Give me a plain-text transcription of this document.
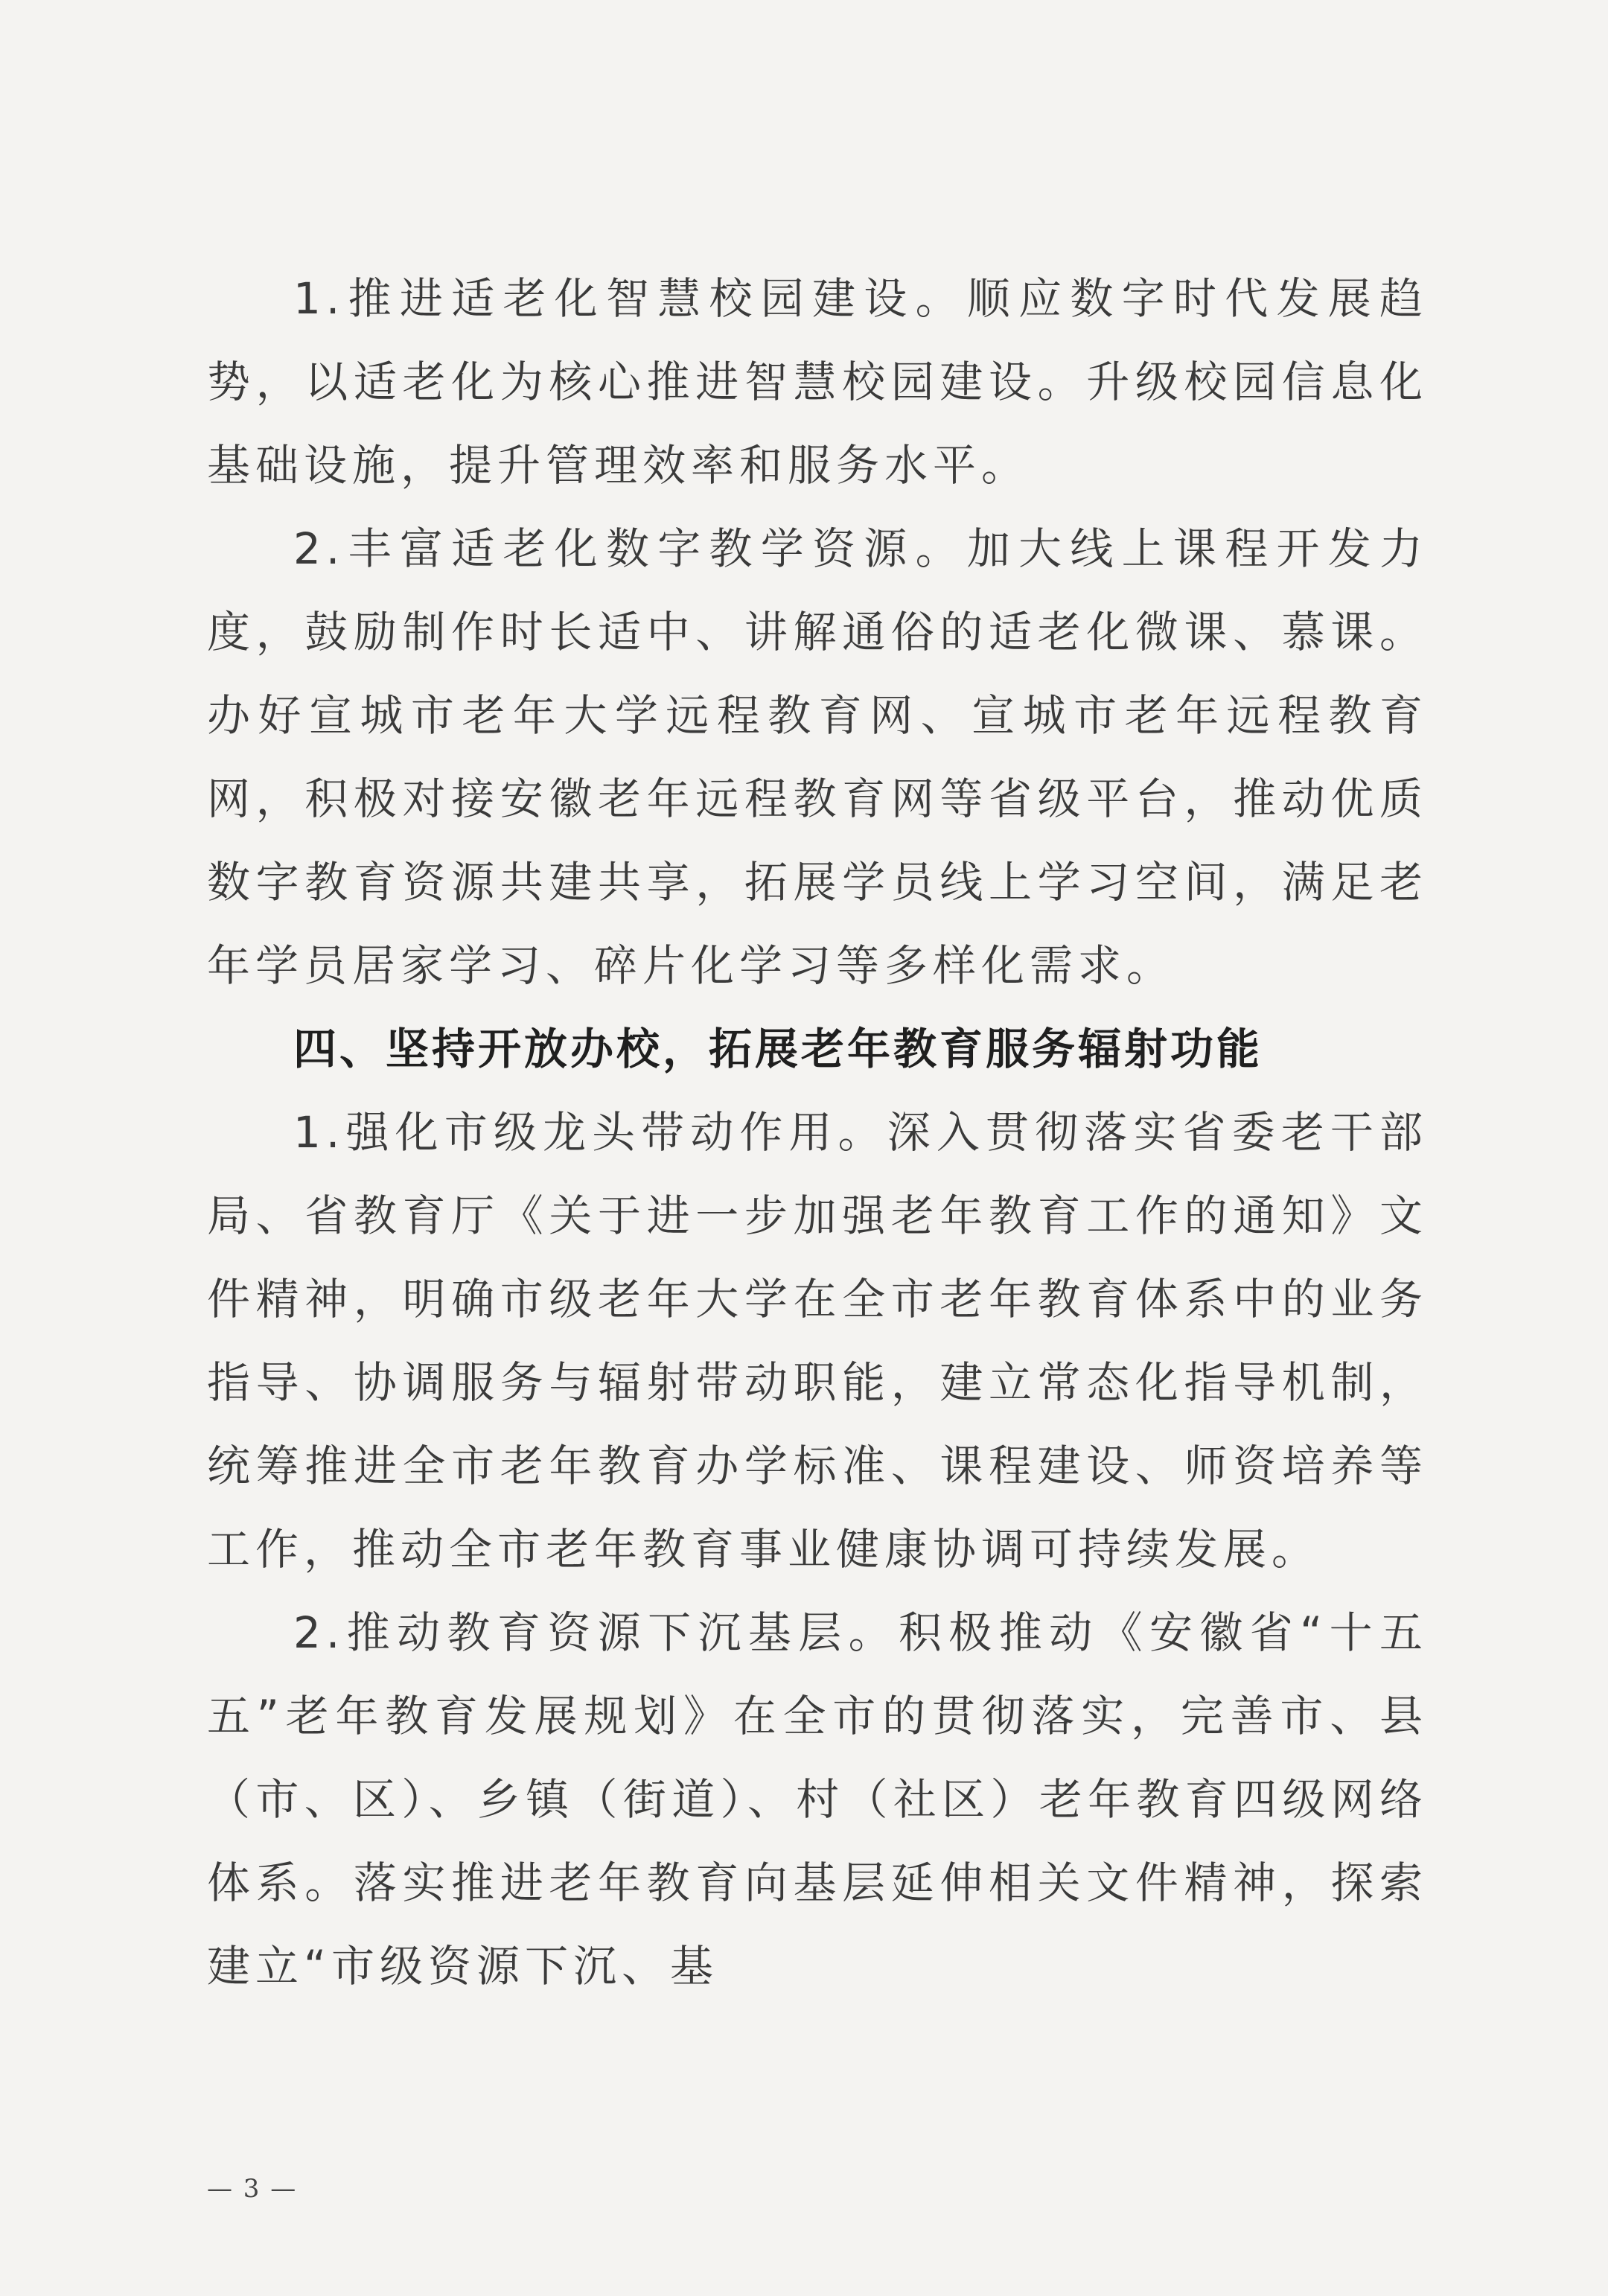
1.推进适老化智慧校园建设。顺应数字时代发展趋势，以适老化为核心推进智慧校园建设。升级校园信息化基础设施，提升管理效率和服务水平。

2.丰富适老化数字教学资源。加大线上课程开发力度，鼓励制作时长适中、讲解通俗的适老化微课、慕课。办好宣城市老年大学远程教育网、宣城市老年远程教育网，积极对接安徽老年远程教育网等省级平台，推动优质数字教育资源共建共享，拓展学员线上学习空间，满足老年学员居家学习、碎片化学习等多样化需求。

四、坚持开放办校，拓展老年教育服务辐射功能

1.强化市级龙头带动作用。深入贯彻落实省委老干部局、省教育厅《关于进一步加强老年教育工作的通知》文件精神，明确市级老年大学在全市老年教育体系中的业务指导、协调服务与辐射带动职能，建立常态化指导机制，统筹推进全市老年教育办学标准、课程建设、师资培养等工作，推动全市老年教育事业健康协调可持续发展。

2.推动教育资源下沉基层。积极推动《安徽省“十五五”老年教育发展规划》在全市的贯彻落实，完善市、县（市、区）、乡镇（街道）、村（社区）老年教育四级网络体系。落实推进老年教育向基层延伸相关文件精神，探索建立“市级资源下沉、基

— 3 —
